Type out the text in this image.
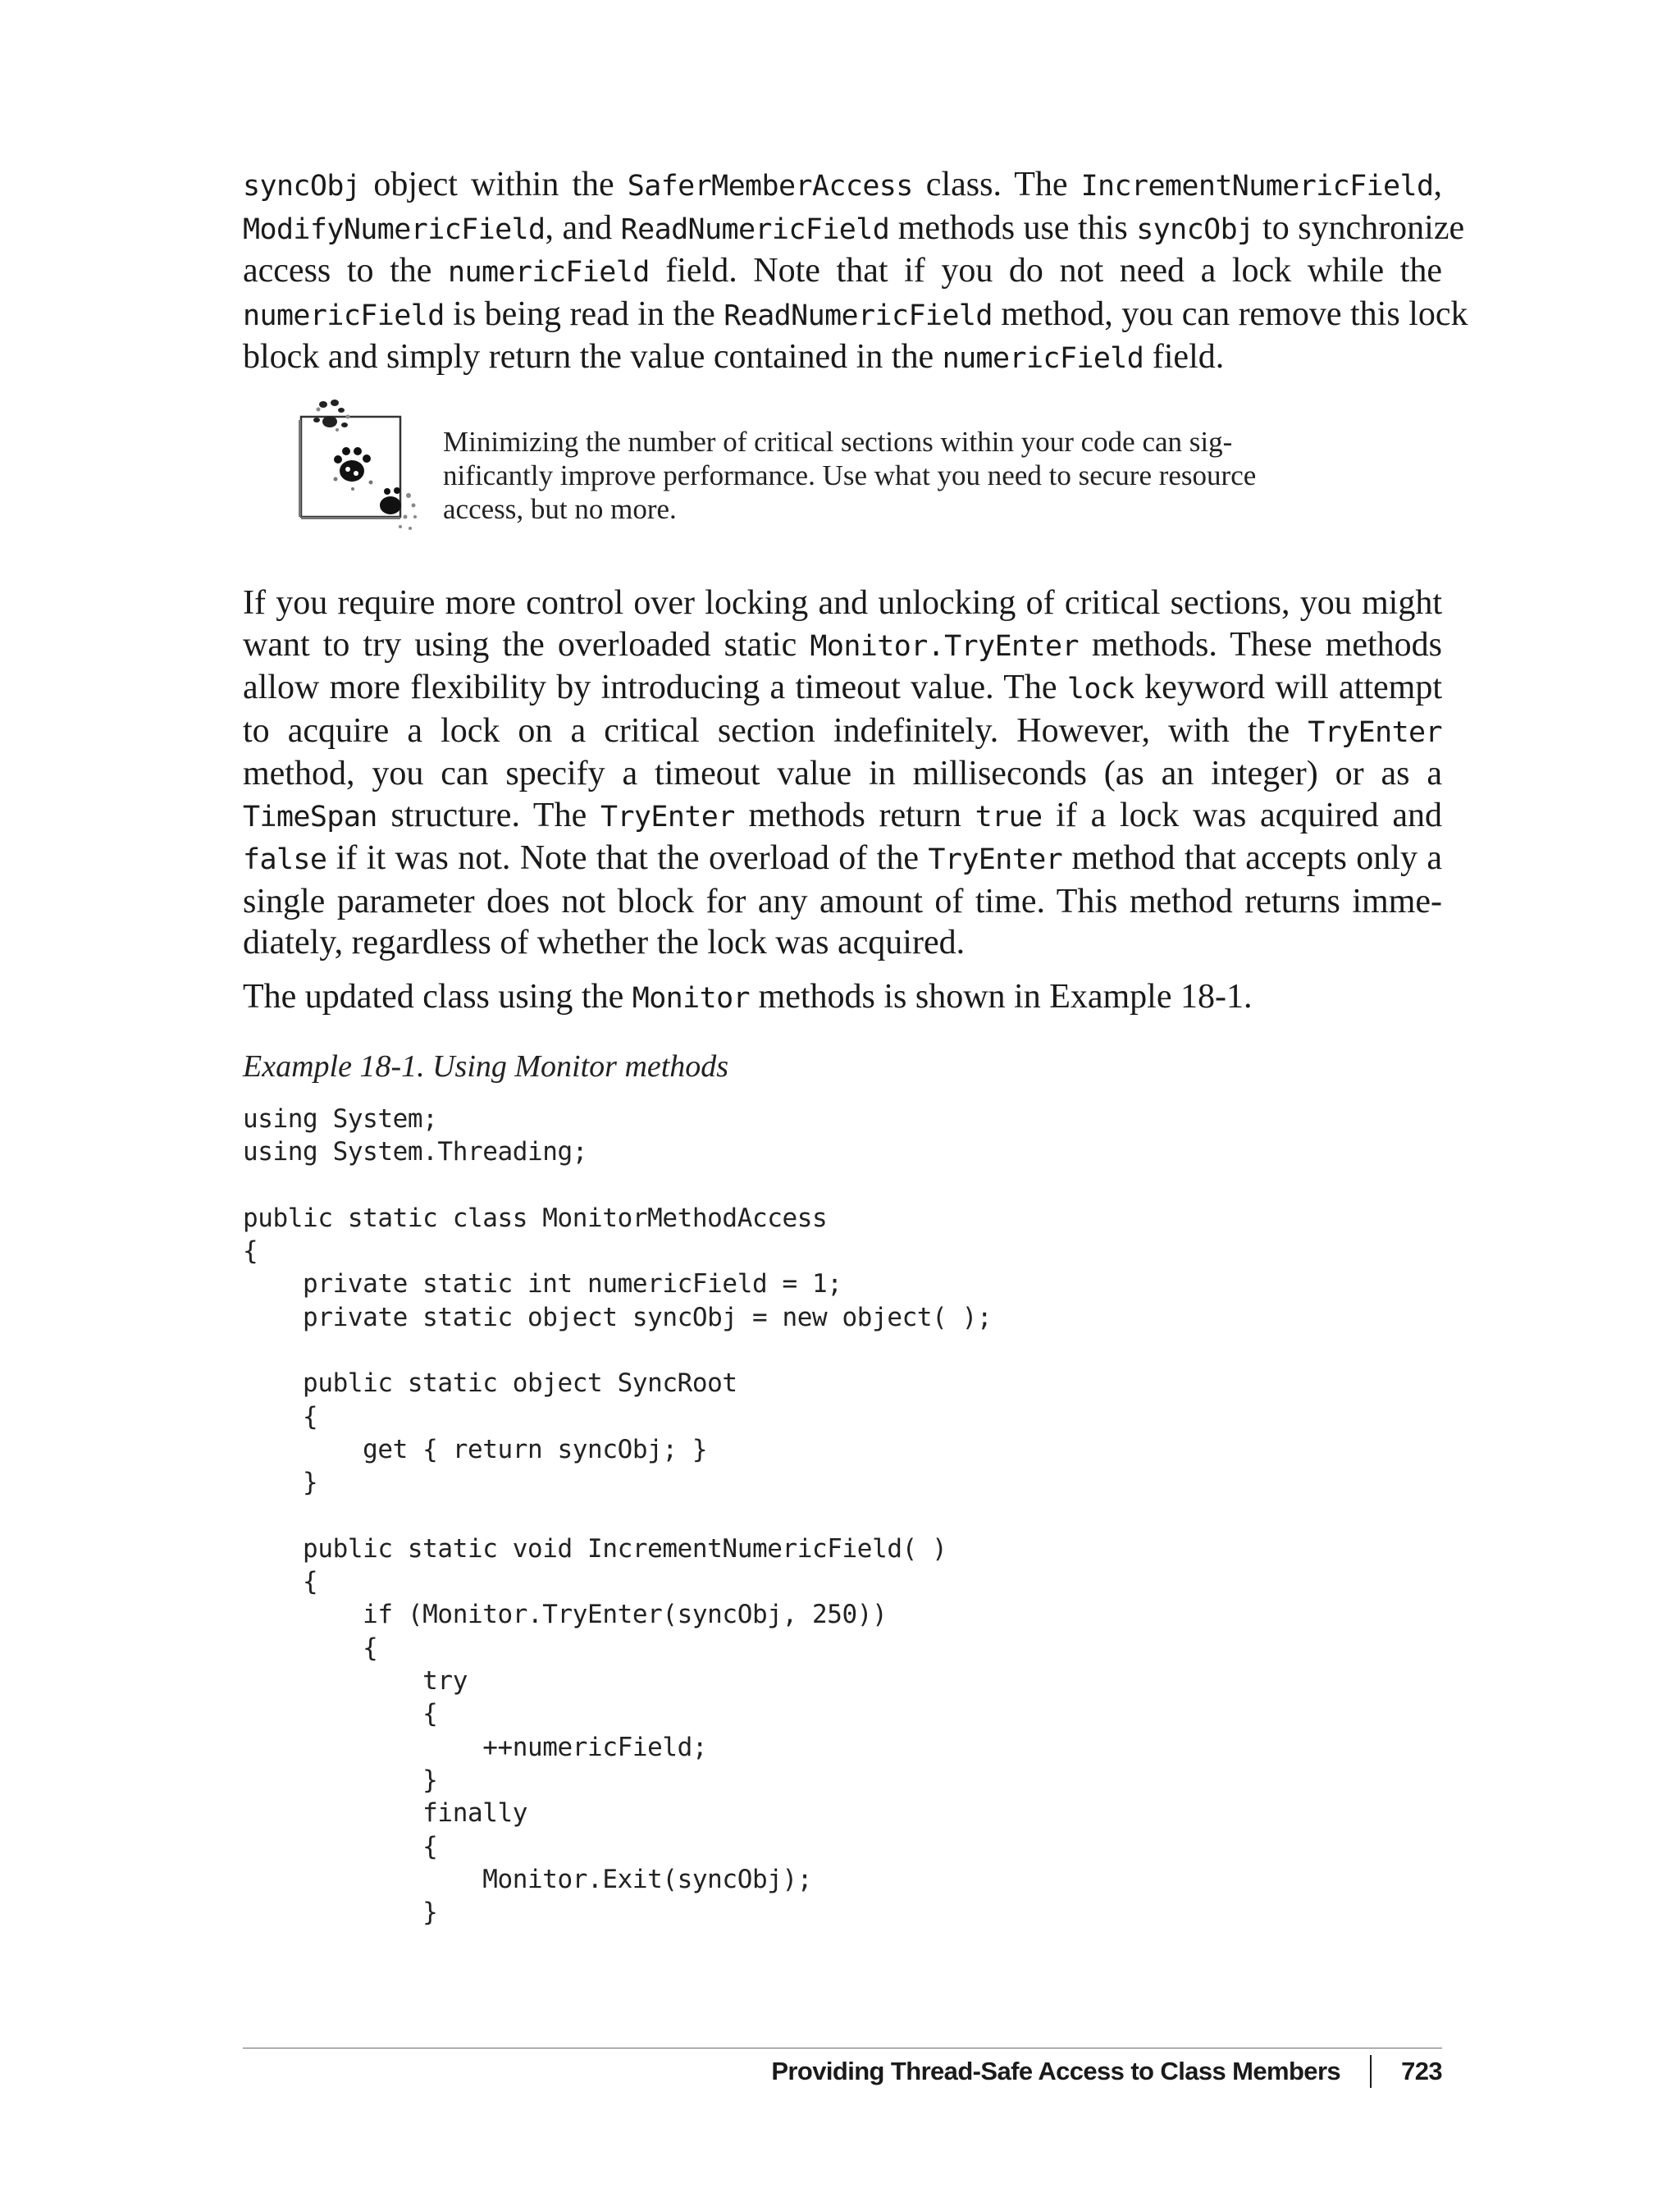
syncObj object within the SaferMemberAccess class. The IncrementNumericField,
ModifyNumericField, and ReadNumericField methods use this syncObj to synchronize
access to the numericField field. Note that if you do not need a lock while the
numericField is being read in the ReadNumericField method, you can remove this lock
block and simply return the value contained in the numericField field.

Minimizing the number of critical sections within your code can sig-
nificantly improve performance. Use what you need to secure resource
access, but no more.

If you require more control over locking and unlocking of critical sections, you might
want to try using the overloaded static Monitor.TryEnter methods. These methods
allow more flexibility by introducing a timeout value. The lock keyword will attempt
to acquire a lock on a critical section indefinitely. However, with the TryEnter
method, you can specify a timeout value in milliseconds (as an integer) or as a
TimeSpan structure. The TryEnter methods return true if a lock was acquired and
false if it was not. Note that the overload of the TryEnter method that accepts only a
single parameter does not block for any amount of time. This method returns imme-
diately, regardless of whether the lock was acquired.

The updated class using the Monitor methods is shown in Example 18-1.

Example 18-1. Using Monitor methods
using System;
using System.Threading;

public static class MonitorMethodAccess
{
private static int numericField = 1;
private static object syncObj = new object( );

public static object SyncRoot
{
get { return syncObj; }
}

public static void IncrementNumericField( )
{
if (Monitor.TryEnter(syncObj, 250))
{
try
{
++numericField;
}
finally
{
Monitor.Exit(syncObj);
}
Providing Thread-Safe Access to Class Members 723
